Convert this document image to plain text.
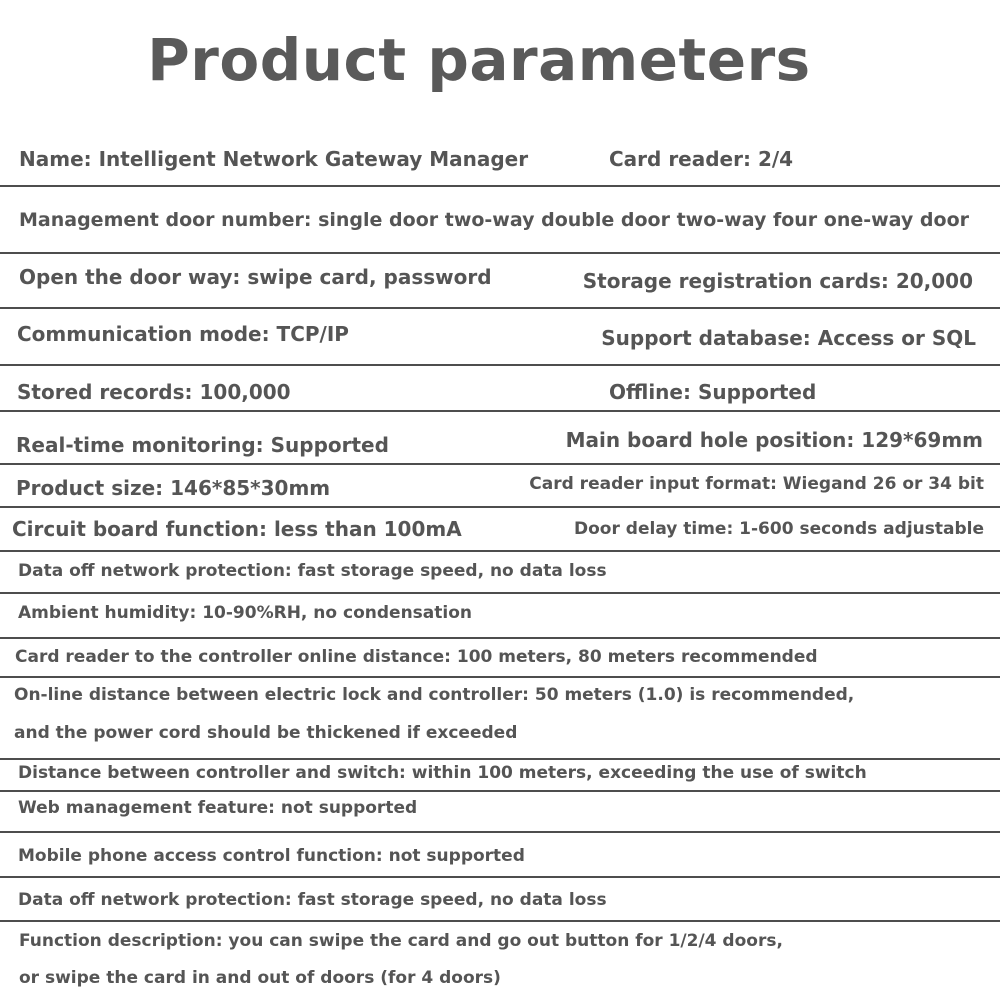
Product parameters
Name: Intelligent Network Gateway Manager	Card reader: 2/4
Management door number: single door two-way double door two-way four one-way door
Open the door way: swipe card, password	Storage registration cards: 20,000
Communication mode: TCP/IP	Support database: Access or SQL
Stored records: 100,000	Offline: Supported
Real-time monitoring: Supported	Main board hole position: 129*69mm
Product size: 146*85*30mm	Card reader input format: Wiegand 26 or 34 bit
Circuit board function: less than 100mA	Door delay time: 1-600 seconds adjustable
Data off network protection: fast storage speed, no data loss
Ambient humidity: 10-90%RH, no condensation
Card reader to the controller online distance: 100 meters, 80 meters recommended
On-line distance between electric lock and controller: 50 meters (1.0) is recommended,
and the power cord should be thickened if exceeded
Distance between controller and switch: within 100 meters, exceeding the use of switch
Web management feature: not supported
Mobile phone access control function: not supported
Data off network protection: fast storage speed, no data loss
Function description: you can swipe the card and go out button for 1/2/4 doors,
or swipe the card in and out of doors (for 4 doors)
